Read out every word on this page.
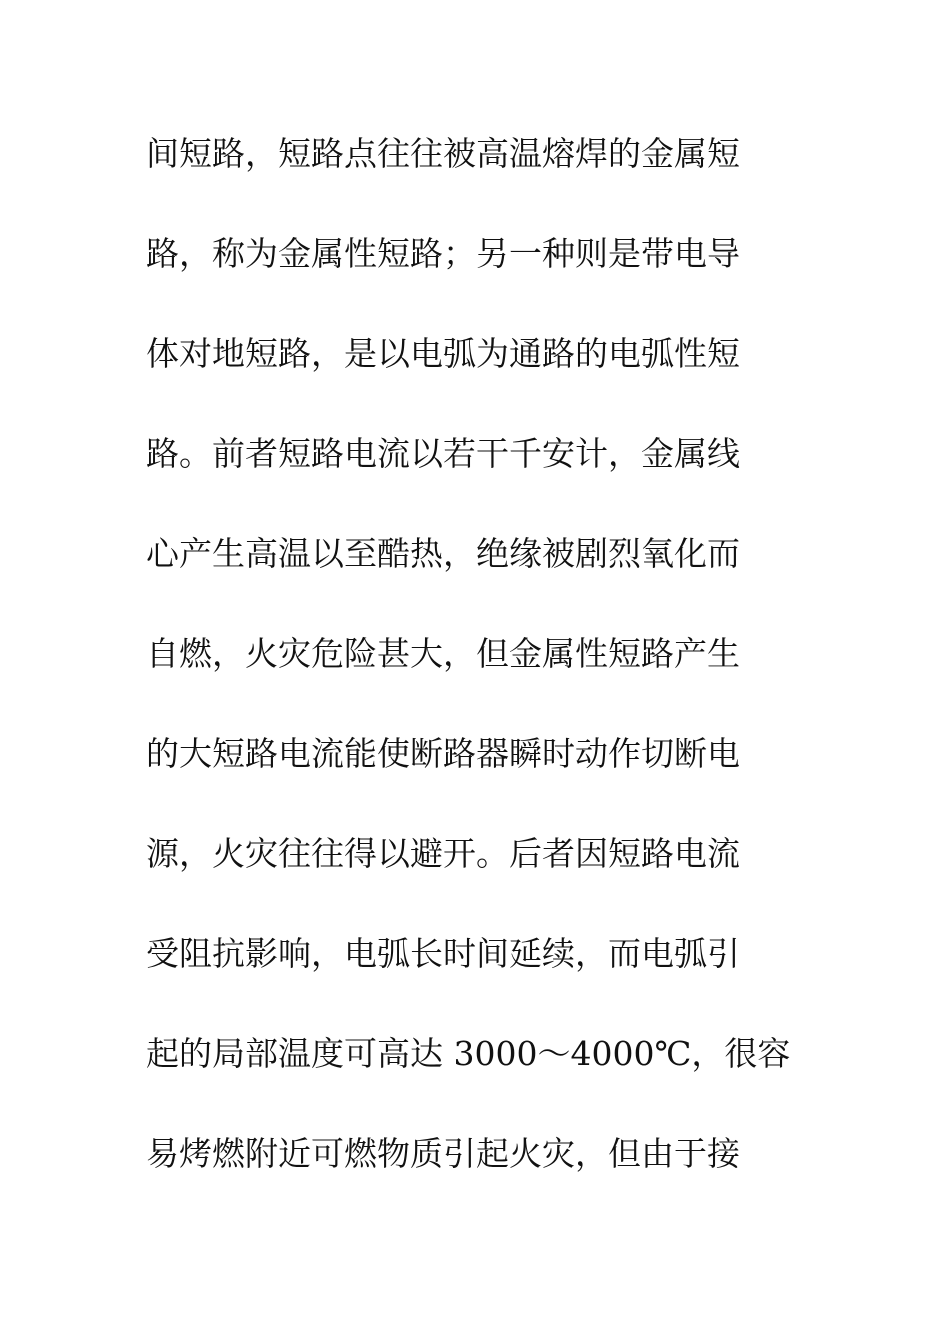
间短路，短路点往往被高温熔焊的金属短
路，称为金属性短路；另一种则是带电导
体对地短路，是以电弧为通路的电弧性短
路。前者短路电流以若干千安计，金属线
心产生高温以至酷热，绝缘被剧烈氧化而
自燃，火灾危险甚大，但金属性短路产生
的大短路电流能使断路器瞬时动作切断电
源，火灾往往得以避开。后者因短路电流
受阻抗影响，电弧长时间延续，而电弧引
起的局部温度可高达 3000～4000℃，很容
易烤燃附近可燃物质引起火灾，但由于接
